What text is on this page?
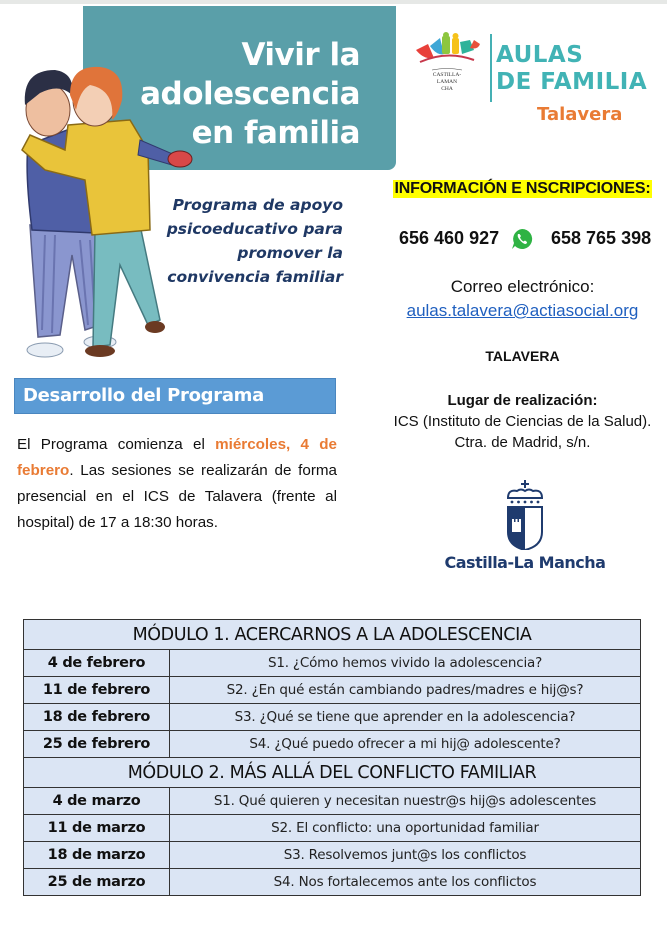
Vivir la
adolescencia
en familia
Programa de apoyo
psicoeducativo para
promover la
convivencia familiar
CASTILLA-
LAMAN
CHA
AULAS
DE FAMILIA
Talavera
INFORMACIÓN E NSCRIPCIONES:
656 460 927	658 765 398
Correo electrónico:
aulas.talavera@actiasocial.org
TALAVERA
Lugar de realización:
ICS (Instituto de Ciencias de la Salud).
Ctra. de Madrid, s/n.
Castilla-La Mancha
Desarrollo del Programa

El Programa comienza el miércoles, 4 de febrero. Las sesiones se realizarán de forma presencial en el ICS de Talavera (frente al hospital) de 17 a 18:30 horas.

MÓDULO 1. ACERCARNOS A LA ADOLESCENCIA	
4 de febrero	S1. ¿Cómo hemos vivido la adolescencia?
11 de febrero	S2. ¿En qué están cambiando padres/madres e hij@s?
18 de febrero	S3. ¿Qué se tiene que aprender en la adolescencia?
25 de febrero	S4. ¿Qué puedo ofrecer a mi hij@ adolescente?
MÓDULO 2. MÁS ALLÁ DEL CONFLICTO FAMILIAR	
4 de marzo	S1. Qué quieren y necesitan nuestr@s hij@s adolescentes
11 de marzo	S2. El conflicto: una oportunidad familiar
18 de marzo	S3. Resolvemos junt@s los conflictos
25 de marzo	S4. Nos fortalecemos ante los conflictos
